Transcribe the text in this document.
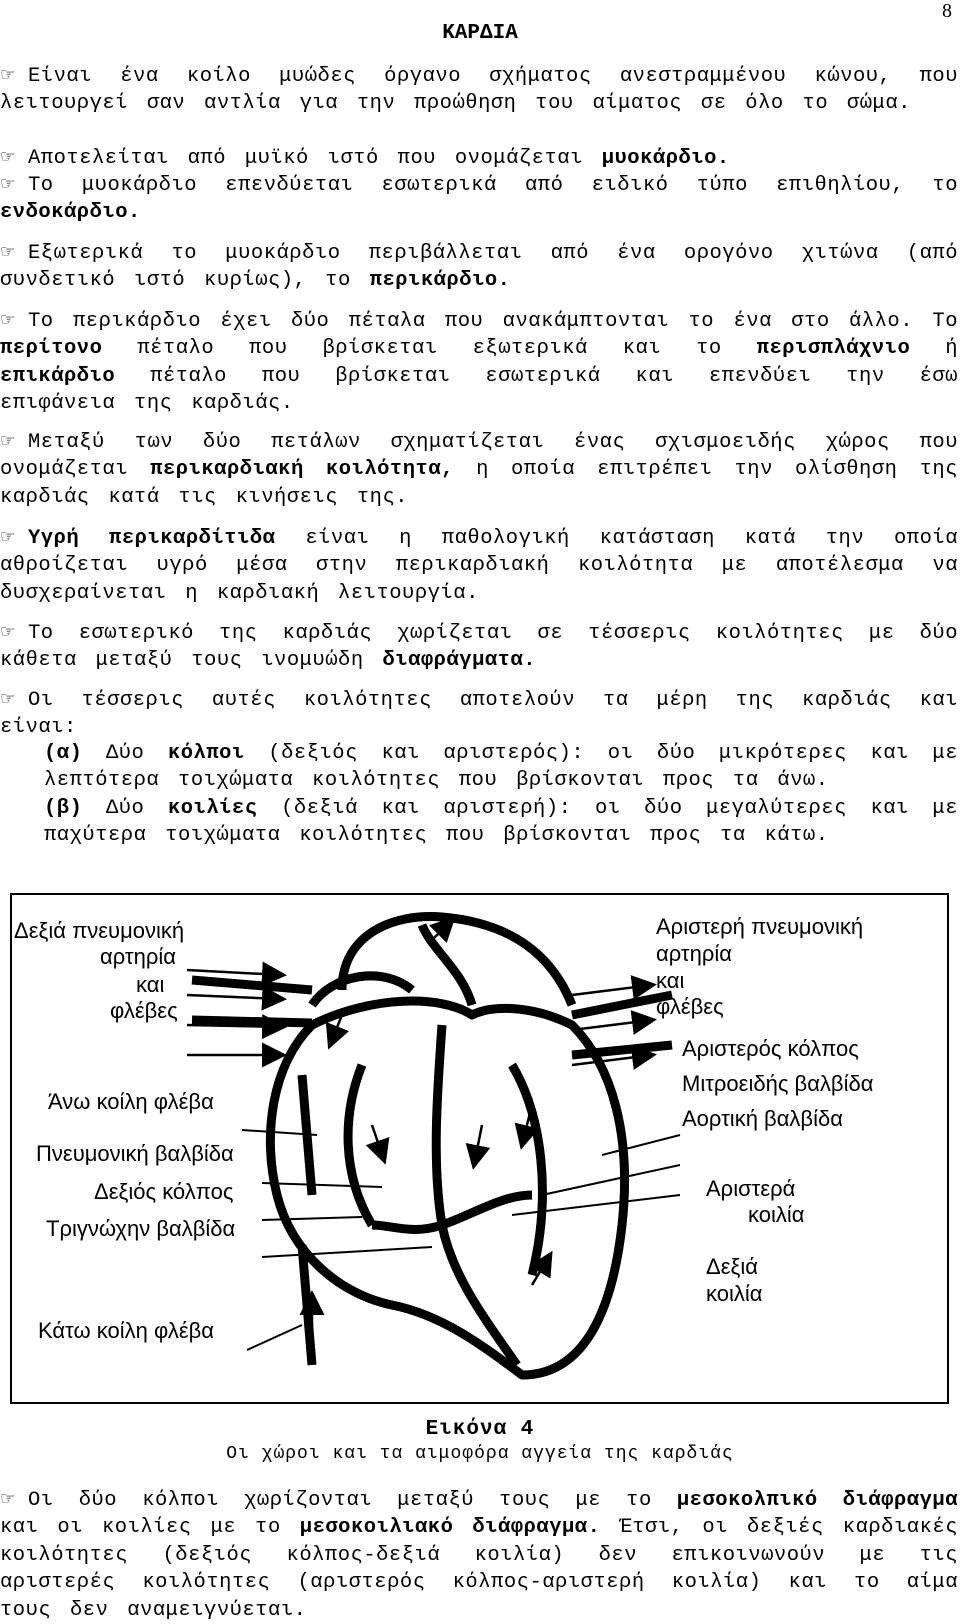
8
ΚΑΡΔΙΑ
☞ Είναι ένα κοίλο μυώδες όργανο σχήματος ανεστραμμένου κώνου, που λειτουργεί σαν αντλία για την προώθηση του αίματος σε όλο το σώμα.
☞ Αποτελείται από μυϊκό ιστό που ονομάζεται μυοκάρδιο.
☞ Το μυοκάρδιο επενδύεται εσωτερικά από ειδικό τύπο επιθηλίου, το ενδοκάρδιο.
☞ Εξωτερικά το μυοκάρδιο περιβάλλεται από ένα ορογόνο χιτώνα (από συνδετικό ιστό κυρίως), το περικάρδιο.
☞ Το περικάρδιο έχει δύο πέταλα που ανακάμπτονται το ένα στο άλλο. Το περίτονο πέταλο που βρίσκεται εξωτερικά και το περισπλάχνιο ή επικάρδιο πέταλο που βρίσκεται εσωτερικά και επενδύει την έσω επιφάνεια της καρδιάς.
☞ Μεταξύ των δύο πετάλων σχηματίζεται ένας σχισμοειδής χώρος που ονομάζεται περικαρδιακή κοιλότητα, η οποία επιτρέπει την ολίσθηση της καρδιάς κατά τις κινήσεις της.
☞ Υγρή περικαρδίτιδα είναι η παθολογική κατάσταση κατά την οποία αθροίζεται υγρό μέσα στην περικαρδιακή κοιλότητα με αποτέλεσμα να δυσχεραίνεται η καρδιακή λειτουργία.
☞ Το εσωτερικό της καρδιάς χωρίζεται σε τέσσερις κοιλότητες με δύο κάθετα μεταξύ τους ινομυώδη διαφράγματα.
☞ Οι τέσσερις αυτές κοιλότητες αποτελούν τα μέρη της καρδιάς και είναι:
(α) Δύο κόλποι (δεξιός και αριστερός): οι δύο μικρότερες και με λεπτότερα τοιχώματα κοιλότητες που βρίσκονται προς τα άνω.
(β) Δύο κοιλίες (δεξιά και αριστερή): οι δύο μεγαλύτερες και με παχύτερα τοιχώματα κοιλότητες που βρίσκονται προς τα κάτω.
Δεξιά πνευμονική
αρτηρία
και
φλέβες
Άνω κοίλη φλέβα
Πνευμονική βαλβίδα
Δεξιός κόλπος
Τριγνώχην βαλβίδα
Κάτω κοίλη φλέβα
Αριστερή πνευμονική
αρτηρία
και
φλέβες
Αριστερός κόλπος
Μιτροειδής βαλβίδα
Αορτική βαλβίδα
Αριστερά
κοιλία
Δεξιά
κοιλία
Εικόνα 4
Οι χώροι και τα αιμοφόρα αγγεία της καρδιάς
☞ Οι δύο κόλποι χωρίζονται μεταξύ τους με το μεσοκολπικό διάφραγμα και οι κοιλίες με το μεσοκοιλιακό διάφραγμα. Έτσι, οι δεξιές καρδιακές κοιλότητες (δεξιός κόλπος-δεξιά κοιλία) δεν επικοινωνούν με τις αριστερές κοιλότητες (αριστερός κόλπος-αριστερή κοιλία) και το αίμα τους δεν αναμειγνύεται.
